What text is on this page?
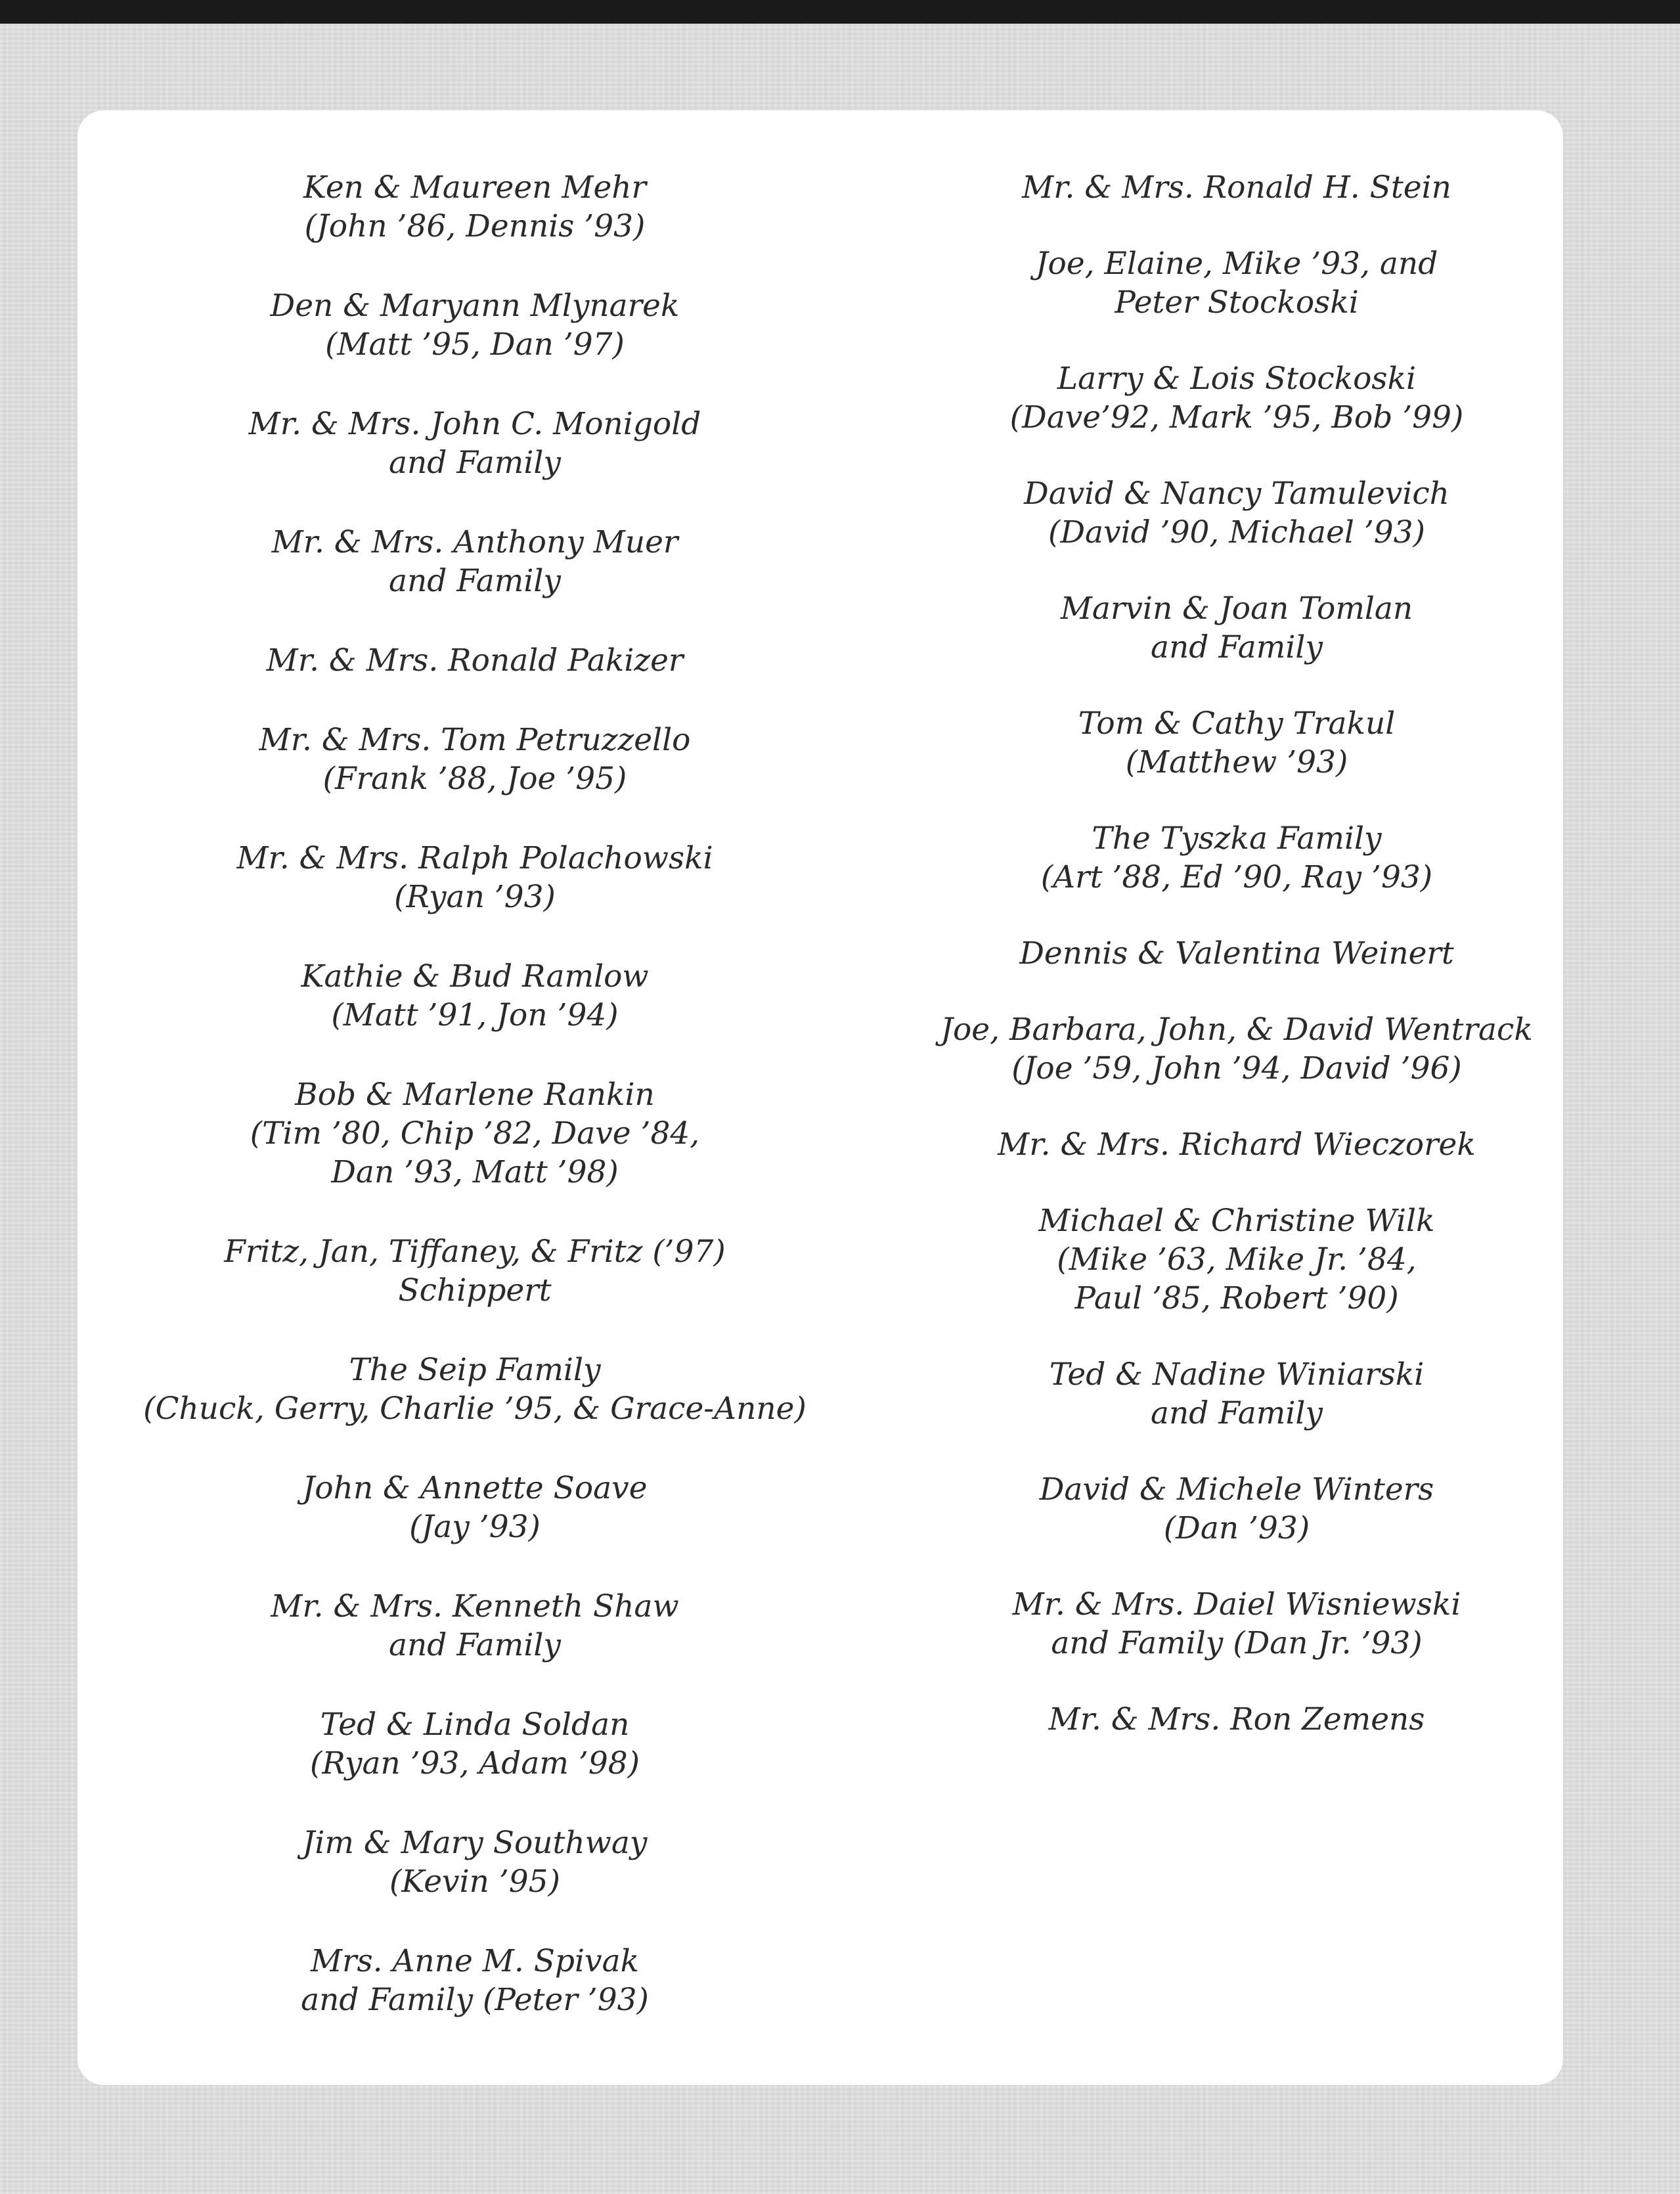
Ken & Maureen Mehr
(John ’86, Dennis ’93)
Den & Maryann Mlynarek
(Matt ’95, Dan ’97)
Mr. & Mrs. John C. Monigold
and Family
Mr. & Mrs. Anthony Muer
and Family
Mr. & Mrs. Ronald Pakizer
Mr. & Mrs. Tom Petruzzello
(Frank ’88, Joe ’95)
Mr. & Mrs. Ralph Polachowski
(Ryan ’93)
Kathie & Bud Ramlow
(Matt ’91, Jon ’94)
Bob & Marlene Rankin
(Tim ’80, Chip ’82, Dave ’84,
Dan ’93, Matt ’98)
Fritz, Jan, Tiffaney, & Fritz (’97)
Schippert
The Seip Family
(Chuck, Gerry, Charlie ’95, & Grace-Anne)
John & Annette Soave
(Jay ’93)
Mr. & Mrs. Kenneth Shaw
and Family
Ted & Linda Soldan
(Ryan ’93, Adam ’98)
Jim & Mary Southway
(Kevin ’95)
Mrs. Anne M. Spivak
and Family (Peter ’93)
Mr. & Mrs. Ronald H. Stein
Joe, Elaine, Mike ’93, and
Peter Stockoski
Larry & Lois Stockoski
(Dave’92, Mark ’95, Bob ’99)
David & Nancy Tamulevich
(David ’90, Michael ’93)
Marvin & Joan Tomlan
and Family
Tom & Cathy Trakul
(Matthew ’93)
The Tyszka Family
(Art ’88, Ed ’90, Ray ’93)
Dennis & Valentina Weinert
Joe, Barbara, John, & David Wentrack
(Joe ’59, John ’94, David ’96)
Mr. & Mrs. Richard Wieczorek
Michael & Christine Wilk
(Mike ’63, Mike Jr. ’84,
Paul ’85, Robert ’90)
Ted & Nadine Winiarski
and Family
David & Michele Winters
(Dan ’93)
Mr. & Mrs. Daiel Wisniewski
and Family (Dan Jr. ’93)
Mr. & Mrs. Ron Zemens
